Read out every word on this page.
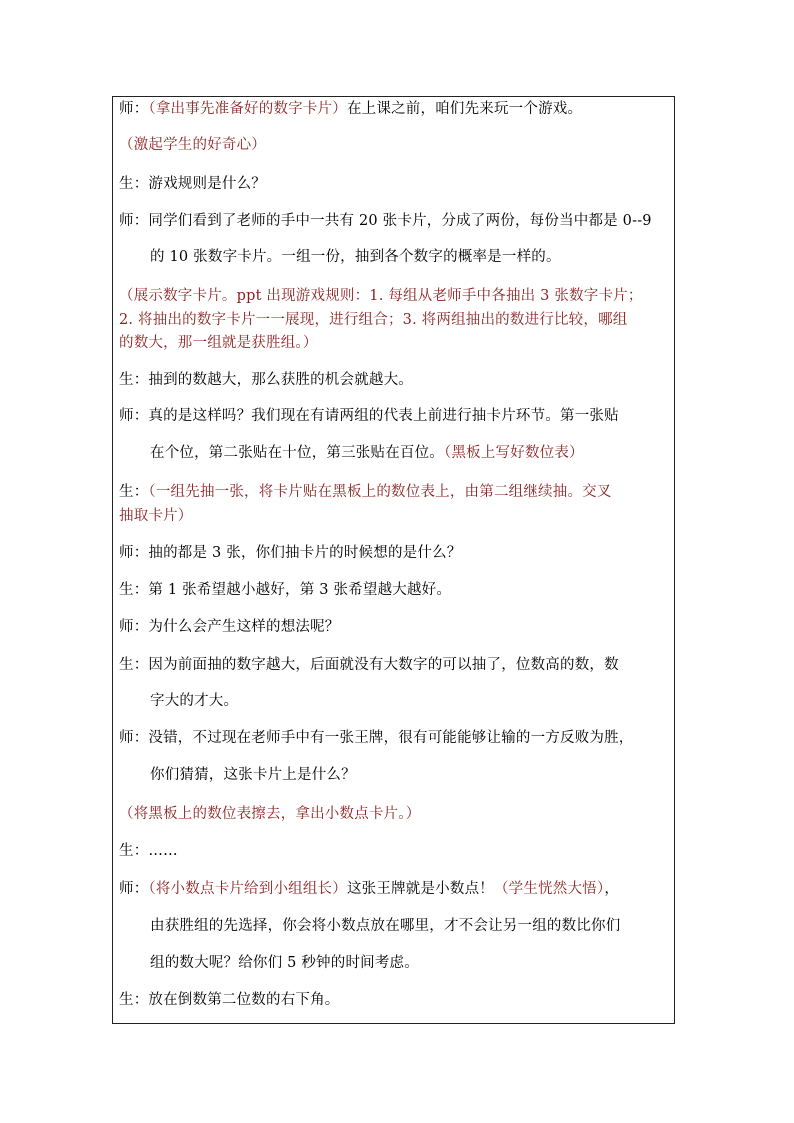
师：（拿出事先准备好的数字卡片）在上课之前，咱们先来玩一个游戏。
（激起学生的好奇心）
生：游戏规则是什么？
师：同学们看到了老师的手中一共有 20 张卡片，分成了两份，每份当中都是 0--9
的 10 张数字卡片。一组一份，抽到各个数字的概率是一样的。
（展示数字卡片。ppt 出现游戏规则：1. 每组从老师手中各抽出 3 张数字卡片；
2. 将抽出的数字卡片一一展现，进行组合；3. 将两组抽出的数进行比较，哪组
的数大，那一组就是获胜组。）
生：抽到的数越大，那么获胜的机会就越大。
师：真的是这样吗？我们现在有请两组的代表上前进行抽卡片环节。第一张贴
在个位，第二张贴在十位，第三张贴在百位。（黑板上写好数位表）
生：（一组先抽一张，将卡片贴在黑板上的数位表上，由第二组继续抽。交叉
抽取卡片）
师：抽的都是 3 张，你们抽卡片的时候想的是什么？
生：第 1 张希望越小越好，第 3 张希望越大越好。
师：为什么会产生这样的想法呢？
生：因为前面抽的数字越大，后面就没有大数字的可以抽了，位数高的数，数
字大的才大。
师：没错，不过现在老师手中有一张王牌，很有可能能够让输的一方反败为胜，
你们猜猜，这张卡片上是什么？
（将黑板上的数位表擦去，拿出小数点卡片。）
生：……
师：（将小数点卡片给到小组组长）这张王牌就是小数点！（学生恍然大悟），
由获胜组的先选择，你会将小数点放在哪里，才不会让另一组的数比你们
组的数大呢？给你们 5 秒钟的时间考虑。
生：放在倒数第二位数的右下角。
